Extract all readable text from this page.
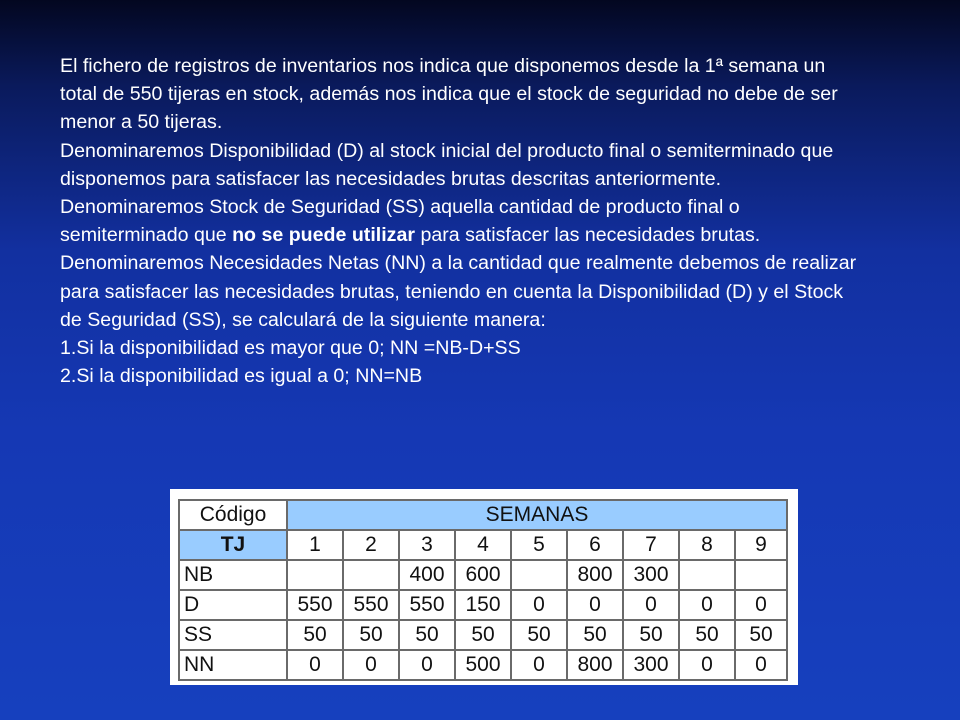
El fichero de registros de inventarios nos indica que disponemos desde la 1ª semana un total de 550 tijeras en stock, además nos indica que el stock de seguridad no debe de ser menor a 50 tijeras.

Denominaremos Disponibilidad (D) al stock inicial del producto final o semiterminado que disponemos para satisfacer las necesidades brutas descritas anteriormente.

Denominaremos Stock de Seguridad (SS) aquella cantidad de producto final o semiterminado que no se puede utilizar para satisfacer las necesidades brutas.

Denominaremos Necesidades Netas (NN) a la cantidad que realmente debemos de realizar para satisfacer las necesidades brutas, teniendo en cuenta la Disponibilidad (D) y el Stock de Seguridad (SS), se calculará de la siguiente manera:

1.Si la disponibilidad es mayor que 0; NN =NB-D+SS

2.Si la disponibilidad es igual a 0; NN=NB

Código	SEMANAS								
TJ	1	2	3	4	5	6	7	8	9
NB			400	600		800	300		
D	550	550	550	150	0	0	0	0	0
SS	50	50	50	50	50	50	50	50	50
NN	0	0	0	500	0	800	300	0	0
